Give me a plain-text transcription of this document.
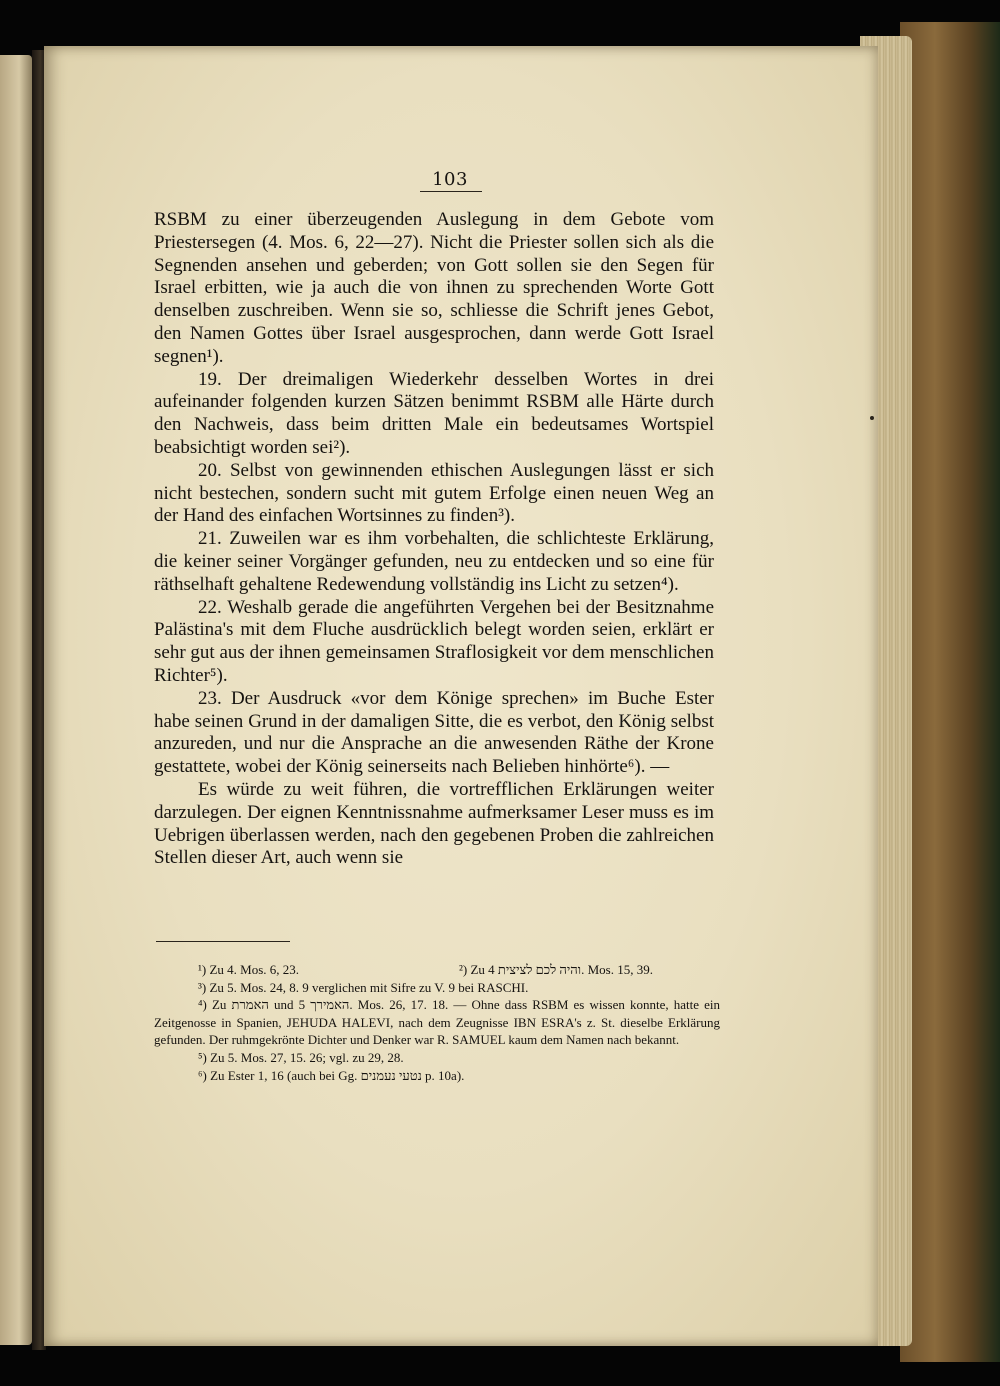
103

RSBM zu einer überzeugenden Auslegung in dem Gebote vom Priestersegen (4. Mos. 6, 22—27). Nicht die Priester sollen sich als die Segnenden ansehen und geberden; von Gott sollen sie den Segen für Israel erbitten, wie ja auch die von ihnen zu sprechenden Worte Gott denselben zuschreiben. Wenn sie so, schliesse die Schrift jenes Gebot, den Namen Gottes über Israel ausgesprochen, dann werde Gott Israel segnen¹).

19. Der dreimaligen Wiederkehr desselben Wortes in drei aufeinander folgenden kurzen Sätzen benimmt RSBM alle Härte durch den Nachweis, dass beim dritten Male ein bedeutsames Wortspiel beabsichtigt worden sei²).

20. Selbst von gewinnenden ethischen Auslegungen lässt er sich nicht bestechen, sondern sucht mit gutem Erfolge einen neuen Weg an der Hand des einfachen Wortsinnes zu finden³).

21. Zuweilen war es ihm vorbehalten, die schlichteste Erklärung, die keiner seiner Vorgänger gefunden, neu zu entdecken und so eine für räthselhaft gehaltene Redewendung vollständig ins Licht zu setzen⁴).

22. Weshalb gerade die angeführten Vergehen bei der Besitznahme Palästina's mit dem Fluche ausdrücklich belegt worden seien, erklärt er sehr gut aus der ihnen gemeinsamen Straflosigkeit vor dem menschlichen Richter⁵).

23. Der Ausdruck «vor dem Könige sprechen» im Buche Ester habe seinen Grund in der damaligen Sitte, die es verbot, den König selbst anzureden, und nur die Ansprache an die anwesenden Räthe der Krone gestattete, wobei der König seinerseits nach Belieben hinhörte⁶). —

Es würde zu weit führen, die vortrefflichen Erklärungen weiter darzulegen. Der eignen Kenntnissnahme aufmerksamer Leser muss es im Uebrigen überlassen werden, nach den gegebenen Proben die zahlreichen Stellen dieser Art, auch wenn sie

¹) Zu 4. Mos. 6, 23.	²) Zu והיה לכם לציצית 4. Mos. 15, 39.

³) Zu 5. Mos. 24, 8. 9 verglichen mit Sifre zu V. 9 bei RASCHI.

⁴) Zu האמרת und האמירך 5. Mos. 26, 17. 18. — Ohne dass RSBM es wissen konnte, hatte ein Zeitgenosse in Spanien, JEHUDA HALEVI, nach dem Zeugnisse IBN ESRA's z. St. dieselbe Erklärung gefunden. Der ruhmgekrönte Dichter und Denker war R. SAMUEL kaum dem Namen nach bekannt.

⁵) Zu 5. Mos. 27, 15. 26; vgl. zu 29, 28.

⁶) Zu Ester 1, 16 (auch bei Gg. נטעי נעמנים p. 10a).
